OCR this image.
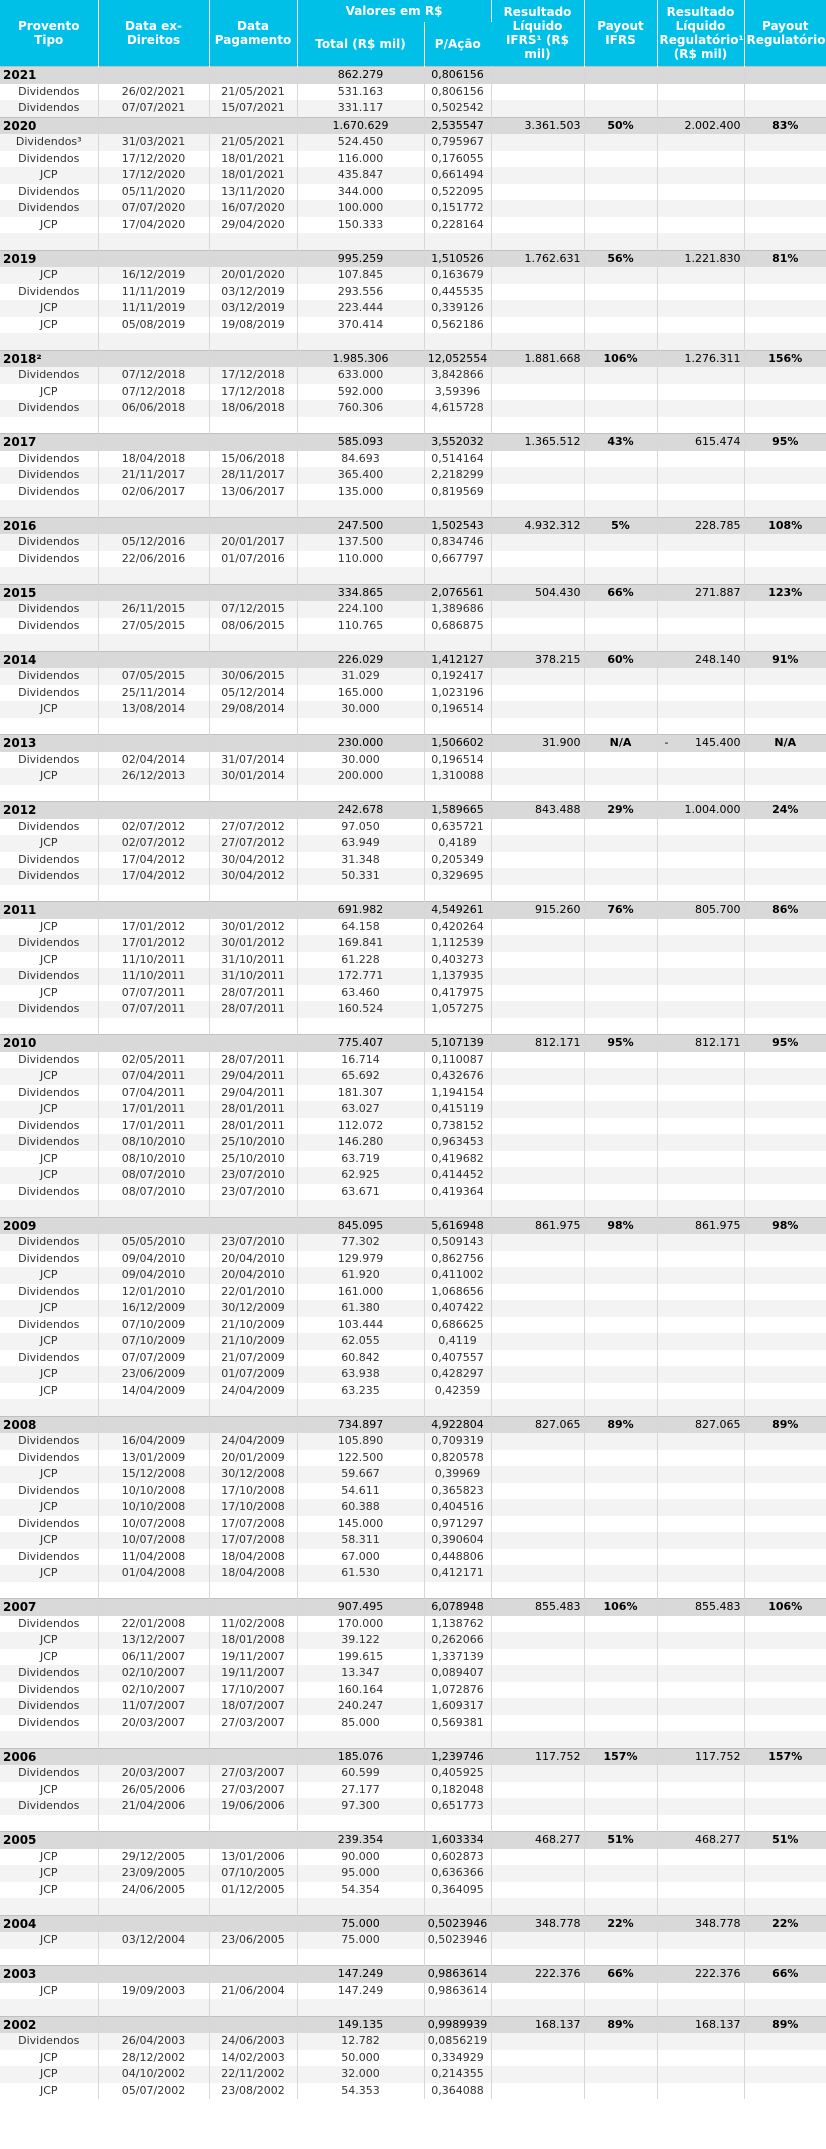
Provento Tipo	Data ex-Direitos	Data Pagamento	Valores em R$		Resultado Líquido IFRS¹ (R$ mil)	Payout IFRS	Resultado Líquido Regulatório¹ (R$ mil)	Payout Regulatório
			Total (R$ mil)	P/Ação				
2021			862.279	0,806156				
Dividendos	26/02/2021	21/05/2021	531.163	0,806156				
Dividendos	07/07/2021	15/07/2021	331.117	0,502542				
2020			1.670.629	2,535547	3.361.503	50%	2.002.400	83%
Dividendos³	31/03/2021	21/05/2021	524.450	0,795967				
Dividendos	17/12/2020	18/01/2021	116.000	0,176055				
JCP	17/12/2020	18/01/2021	435.847	0,661494				
Dividendos	05/11/2020	13/11/2020	344.000	0,522095				
Dividendos	07/07/2020	16/07/2020	100.000	0,151772				
JCP	17/04/2020	29/04/2020	150.333	0,228164				

2019			995.259	1,510526	1.762.631	56%	1.221.830	81%
JCP	16/12/2019	20/01/2020	107.845	0,163679				
Dividendos	11/11/2019	03/12/2019	293.556	0,445535				
JCP	11/11/2019	03/12/2019	223.444	0,339126				
JCP	05/08/2019	19/08/2019	370.414	0,562186				

2018²			1.985.306	12,052554	1.881.668	106%	1.276.311	156%
Dividendos	07/12/2018	17/12/2018	633.000	3,842866				
JCP	07/12/2018	17/12/2018	592.000	3,59396				
Dividendos	06/06/2018	18/06/2018	760.306	4,615728				

2017			585.093	3,552032	1.365.512	43%	615.474	95%
Dividendos	18/04/2018	15/06/2018	84.693	0,514164				
Dividendos	21/11/2017	28/11/2017	365.400	2,218299				
Dividendos	02/06/2017	13/06/2017	135.000	0,819569				

2016			247.500	1,502543	4.932.312	5%	228.785	108%
Dividendos	05/12/2016	20/01/2017	137.500	0,834746				
Dividendos	22/06/2016	01/07/2016	110.000	0,667797				

2015			334.865	2,076561	504.430	66%	271.887	123%
Dividendos	26/11/2015	07/12/2015	224.100	1,389686				
Dividendos	27/05/2015	08/06/2015	110.765	0,686875				

2014			226.029	1,412127	378.215	60%	248.140	91%
Dividendos	07/05/2015	30/06/2015	31.029	0,192417				
Dividendos	25/11/2014	05/12/2014	165.000	1,023196				
JCP	13/08/2014	29/08/2014	30.000	0,196514				

2013			230.000	1,506602	31.900	N/A	- 145.400	N/A
Dividendos	02/04/2014	31/07/2014	30.000	0,196514				
JCP	26/12/2013	30/01/2014	200.000	1,310088				

2012			242.678	1,589665	843.488	29%	1.004.000	24%
Dividendos	02/07/2012	27/07/2012	97.050	0,635721				
JCP	02/07/2012	27/07/2012	63.949	0,4189				
Dividendos	17/04/2012	30/04/2012	31.348	0,205349				
Dividendos	17/04/2012	30/04/2012	50.331	0,329695				

2011			691.982	4,549261	915.260	76%	805.700	86%
JCP	17/01/2012	30/01/2012	64.158	0,420264				
Dividendos	17/01/2012	30/01/2012	169.841	1,112539				
JCP	11/10/2011	31/10/2011	61.228	0,403273				
Dividendos	11/10/2011	31/10/2011	172.771	1,137935				
JCP	07/07/2011	28/07/2011	63.460	0,417975				
Dividendos	07/07/2011	28/07/2011	160.524	1,057275				

2010			775.407	5,107139	812.171	95%	812.171	95%
Dividendos	02/05/2011	28/07/2011	16.714	0,110087				
JCP	07/04/2011	29/04/2011	65.692	0,432676				
Dividendos	07/04/2011	29/04/2011	181.307	1,194154				
JCP	17/01/2011	28/01/2011	63.027	0,415119				
Dividendos	17/01/2011	28/01/2011	112.072	0,738152				
Dividendos	08/10/2010	25/10/2010	146.280	0,963453				
JCP	08/10/2010	25/10/2010	63.719	0,419682				
JCP	08/07/2010	23/07/2010	62.925	0,414452				
Dividendos	08/07/2010	23/07/2010	63.671	0,419364				

2009			845.095	5,616948	861.975	98%	861.975	98%
Dividendos	05/05/2010	23/07/2010	77.302	0,509143				
Dividendos	09/04/2010	20/04/2010	129.979	0,862756				
JCP	09/04/2010	20/04/2010	61.920	0,411002				
Dividendos	12/01/2010	22/01/2010	161.000	1,068656				
JCP	16/12/2009	30/12/2009	61.380	0,407422				
Dividendos	07/10/2009	21/10/2009	103.444	0,686625				
JCP	07/10/2009	21/10/2009	62.055	0,4119				
Dividendos	07/07/2009	21/07/2009	60.842	0,407557				
JCP	23/06/2009	01/07/2009	63.938	0,428297				
JCP	14/04/2009	24/04/2009	63.235	0,42359				

2008			734.897	4,922804	827.065	89%	827.065	89%
Dividendos	16/04/2009	24/04/2009	105.890	0,709319				
Dividendos	13/01/2009	20/01/2009	122.500	0,820578				
JCP	15/12/2008	30/12/2008	59.667	0,39969				
Dividendos	10/10/2008	17/10/2008	54.611	0,365823				
JCP	10/10/2008	17/10/2008	60.388	0,404516				
Dividendos	10/07/2008	17/07/2008	145.000	0,971297				
JCP	10/07/2008	17/07/2008	58.311	0,390604				
Dividendos	11/04/2008	18/04/2008	67.000	0,448806				
JCP	01/04/2008	18/04/2008	61.530	0,412171				

2007			907.495	6,078948	855.483	106%	855.483	106%
Dividendos	22/01/2008	11/02/2008	170.000	1,138762				
JCP	13/12/2007	18/01/2008	39.122	0,262066				
JCP	06/11/2007	19/11/2007	199.615	1,337139				
Dividendos	02/10/2007	19/11/2007	13.347	0,089407				
Dividendos	02/10/2007	17/10/2007	160.164	1,072876				
Dividendos	11/07/2007	18/07/2007	240.247	1,609317				
Dividendos	20/03/2007	27/03/2007	85.000	0,569381				

2006			185.076	1,239746	117.752	157%	117.752	157%
Dividendos	20/03/2007	27/03/2007	60.599	0,405925				
JCP	26/05/2006	27/03/2007	27.177	0,182048				
Dividendos	21/04/2006	19/06/2006	97.300	0,651773				

2005			239.354	1,603334	468.277	51%	468.277	51%
JCP	29/12/2005	13/01/2006	90.000	0,602873				
JCP	23/09/2005	07/10/2005	95.000	0,636366				
JCP	24/06/2005	01/12/2005	54.354	0,364095				

2004			75.000	0,5023946	348.778	22%	348.778	22%
JCP	03/12/2004	23/06/2005	75.000	0,5023946				

2003			147.249	0,9863614	222.376	66%	222.376	66%
JCP	19/09/2003	21/06/2004	147.249	0,9863614				

2002			149.135	0,9989939	168.137	89%	168.137	89%
Dividendos	26/04/2003	24/06/2003	12.782	0,0856219				
JCP	28/12/2002	14/02/2003	50.000	0,334929				
JCP	04/10/2002	22/11/2002	32.000	0,214355				
JCP	05/07/2002	23/08/2002	54.353	0,364088				
